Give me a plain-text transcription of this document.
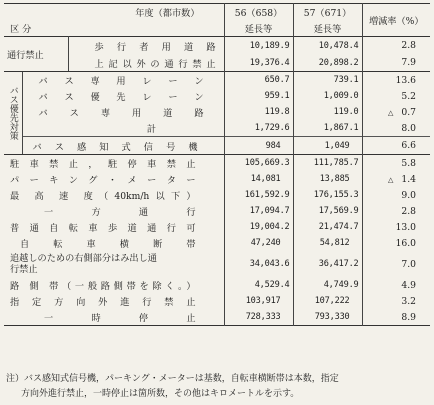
年度（都市数）			56（658）	57（671）	増減率（%）
区 分			延長等	延長等	
通行禁止		歩 行 者 用 道 路	10,189.9	10,478.4	2.8
		上記以外の通行禁止	19,376.4	20,898.2	7.9
バス優先対策	バ ス 専 用 レ ー ン		650.7	739.1	13.6
	バ ス 優 先 レ ー ン		959.1	1,009.0	5.2
	バ ス 専 用 道 路		119.8	119.0	△ 0.7
	計		1,729.6	1,867.1	8.0
	バ ス 感 知 式 信 号 機		984	1,049	6.6
駐車禁止，駐停車禁止			105,669.3	111,785.7	5.8
パーキング・メーター			14,081	13,885	△ 1.4
最 高 速 度（40km/h以下）			161,592.9	176,155.3	9.0
一　　方　　通　　行			17,094.7	17,569.9	2.8
普通自転車歩道通行可			19,004.2	21,474.7	13.0
自 転 車 横 断 帯			47,240	54,812	16.0
追越しのための右側部分はみ出し通行禁止			34,043.6	36,417.2	7.0
路 側 帯（一般路側帯を除く。）			4,529.4	4,749.9	4.9
指 定 方 向 外 進 行 禁 止			103,917	107,222	3.2
一　　時　　停　　止			728,333	793,330	8.9
注）バス感知式信号機，パーキング・メーターは基数，自転車横断帯は本数，指定
方向外進行禁止，一時停止は箇所数，その他はキロメートルを示す。
